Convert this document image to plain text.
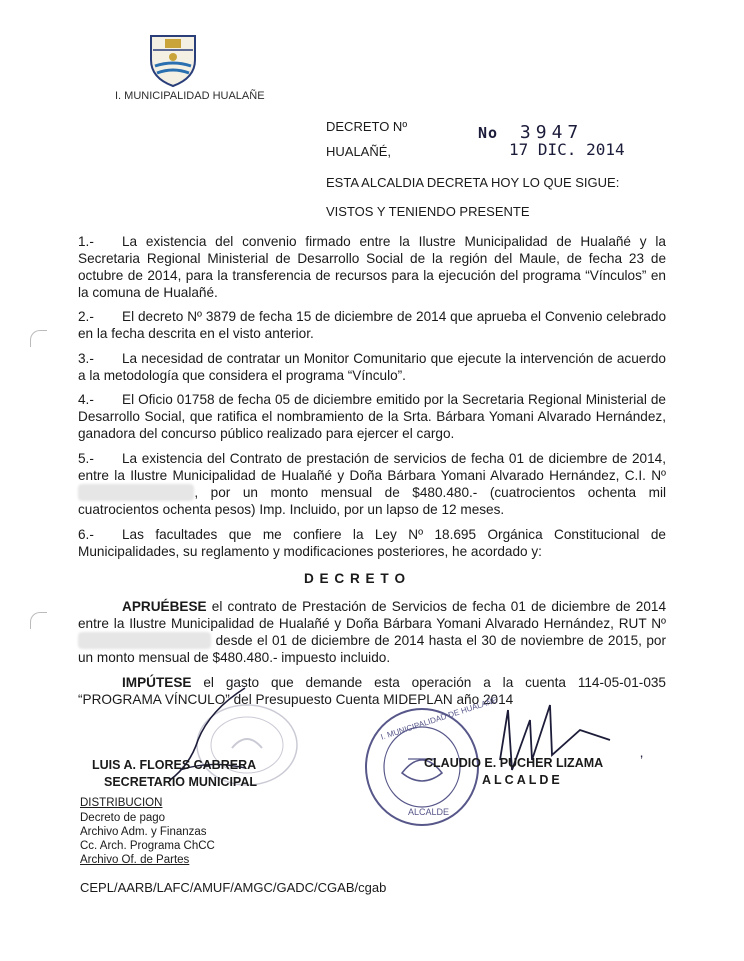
I. MUNICIPALIDAD HUALAÑE
DECRETO Nº
HUALAÑÉ,
No 3947
17 DIC. 2014
ESTA ALCALDIA DECRETA HOY LO QUE SIGUE:
VISTOS Y TENIENDO PRESENTE
1.- La existencia del convenio firmado entre la Ilustre Municipalidad de Hualañé y la Secretaria Regional Ministerial de Desarrollo Social de la región del Maule, de fecha 23 de octubre de 2014, para la transferencia de recursos para la ejecución del programa “Vínculos” en la comuna de Hualañé.
2.- El decreto Nº 3879 de fecha 15 de diciembre de 2014 que aprueba el Convenio celebrado en la fecha descrita en el visto anterior.
3.- La necesidad de contratar un Monitor Comunitario que ejecute la intervención de acuerdo a la metodología que considera el programa “Vínculo”.
4.- El Oficio 01758 de fecha 05 de diciembre emitido por la Secretaria Regional Ministerial de Desarrollo Social, que ratifica el nombramiento de la Srta. Bárbara Yomani Alvarado Hernández, ganadora del concurso público realizado para ejercer el cargo.
5.- La existencia del Contrato de prestación de servicios de fecha 01 de diciembre de 2014, entre la Ilustre Municipalidad de Hualañé y Doña Bárbara Yomani Alvarado Hernández, C.I. Nº , por un monto mensual de $480.480.- (cuatrocientos ochenta mil cuatrocientos ochenta pesos) Imp. Incluido, por un lapso de 12 meses.
6.- Las facultades que me confiere la Ley Nº 18.695 Orgánica Constitucional de Municipalidades, su reglamento y modificaciones posteriores, he acordado y:
D E C R E T O
APRUÉBESE el contrato de Prestación de Servicios de fecha 01 de diciembre de 2014 entre la Ilustre Municipalidad de Hualañé y Doña Bárbara Yomani Alvarado Hernández, RUT Nº  desde el 01 de diciembre de 2014 hasta el 30 de noviembre de 2015, por un monto mensual de $480.480.- impuesto incluido.
IMPÚTESE el gasto que demande esta operación a la cuenta 114-05-01-035 “PROGRAMA VÍNCULO” del Presupuesto Cuenta MIDEPLAN año 2014
LUIS A. FLORES CABRERA
SECRETARIO MUNICIPAL
I. MUNICIPALIDAD DE HUALAÑE
ALCALDE
CLAUDIO E. PUCHER LIZAMA
ALCALDE
’
DISTRIBUCION
Decreto de pago
Archivo Adm. y Finanzas
Cc. Arch. Programa ChCC
Archivo Of. de Partes
CEPL/AARB/LAFC/AMUF/AMGC/GADC/CGAB/cgab
